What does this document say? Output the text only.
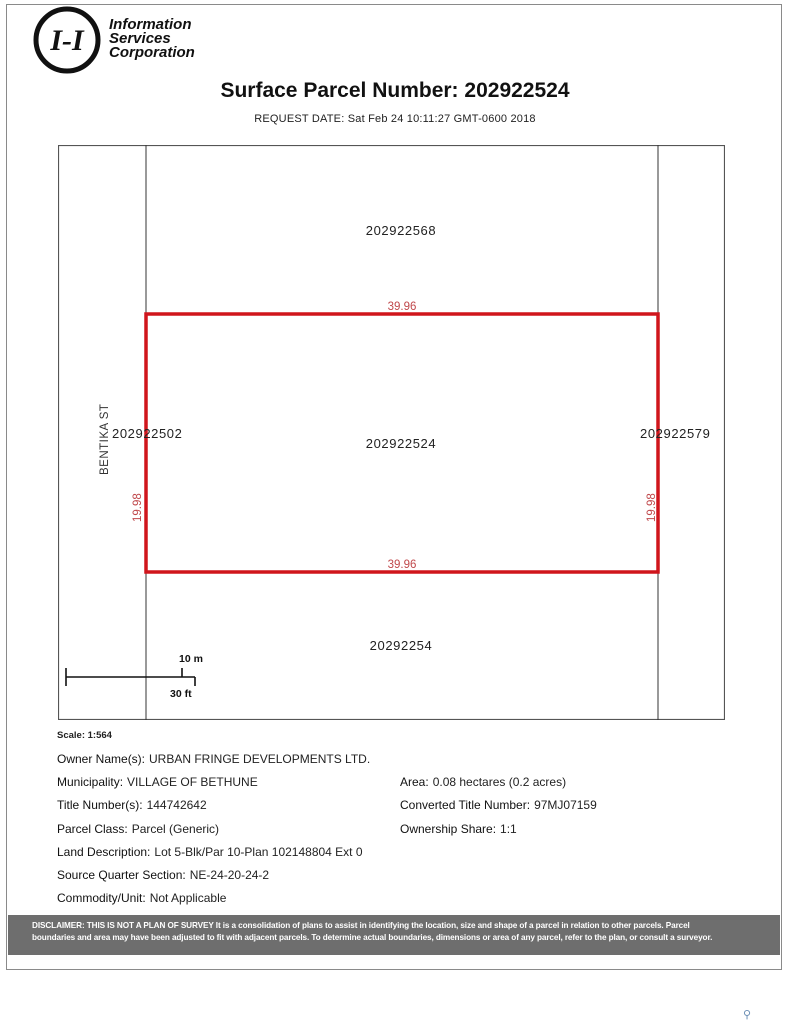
I-I Information
Services
Corporation
Surface Parcel Number: 202922524
REQUEST DATE: Sat Feb 24 10:11:27 GMT-0600 2018
202922568
202922524
20292254
202922502	202922579
BENTIKA ST
39.96
39.96
19.98	19.98
10 m
30 ft
Scale: 1:564
Owner Name(s): URBAN FRINGE DEVELOPMENTS LTD.
Municipality: VILLAGE OF BETHUNE	Area: 0.08 hectares (0.2 acres)
Title Number(s): 144742642	Converted Title Number: 97MJ07159
Parcel Class: Parcel (Generic)	Ownership Share: 1:1
Land Description: Lot 5-Blk/Par 10-Plan 102148804 Ext 0
Source Quarter Section: NE-24-20-24-2
Commodity/Unit: Not Applicable
DISCLAIMER: THIS IS NOT A PLAN OF SURVEY It is a consolidation of plans to assist in identifying the location, size and shape of a parcel in relation to other parcels. Parcel
boundaries and area may have been adjusted to fit with adjacent parcels. To determine actual boundaries, dimensions or area of any parcel, refer to the plan, or consult a surveyor.
⚲
